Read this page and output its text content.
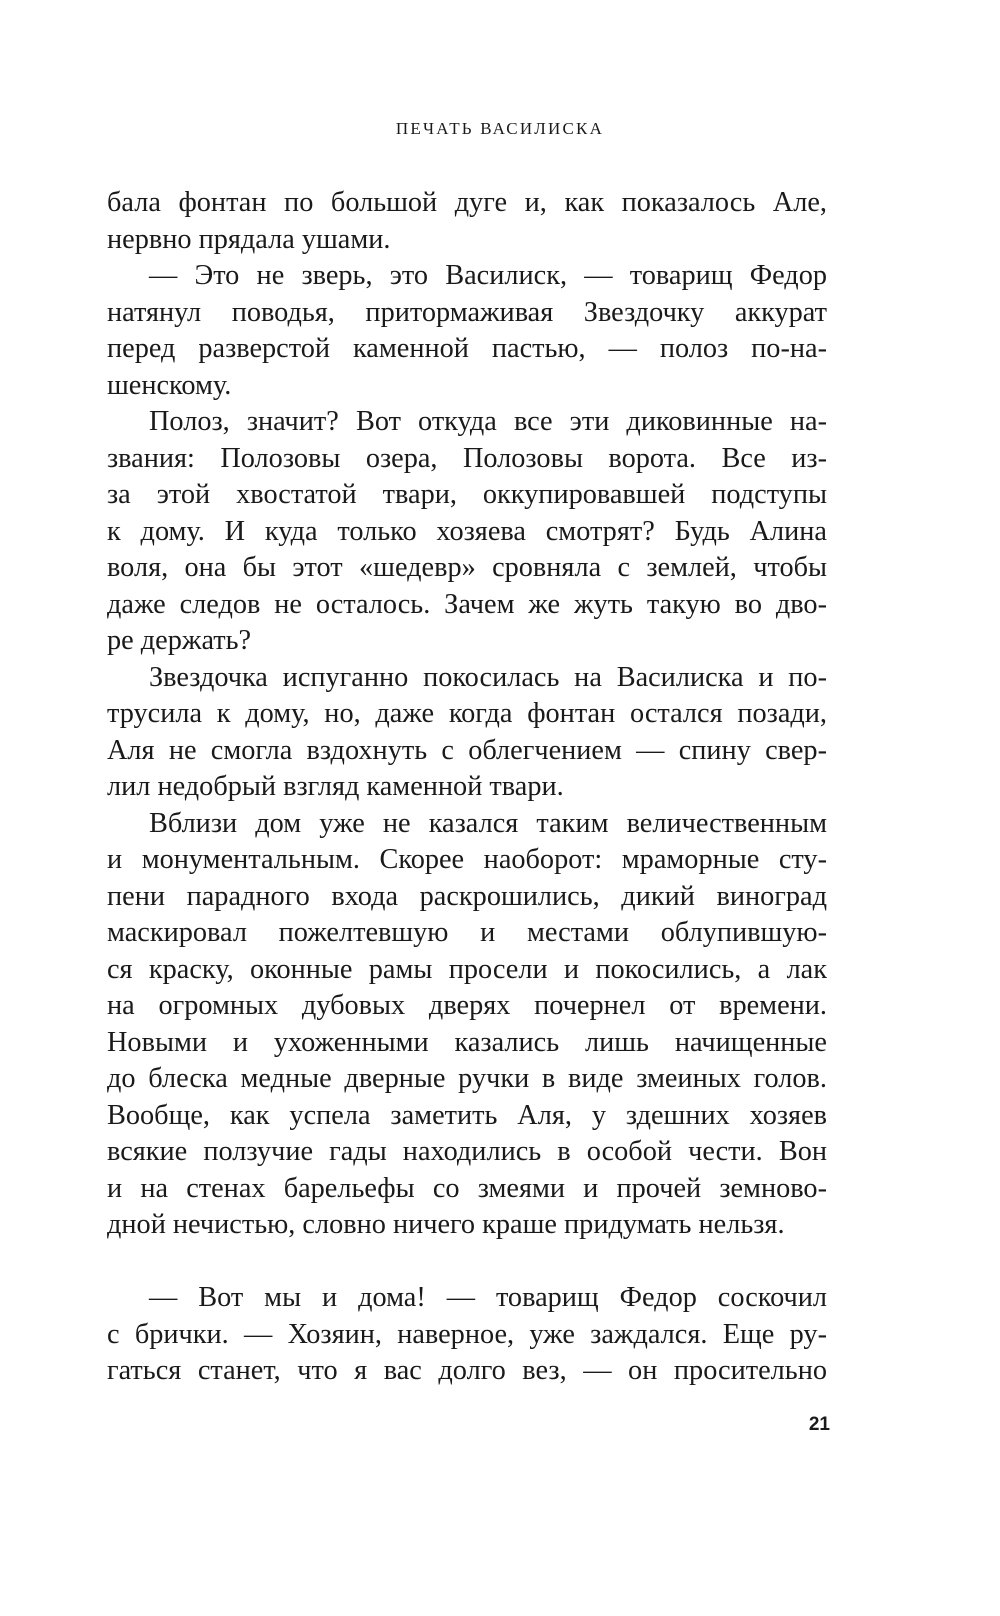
ПЕЧАТЬ ВАСИЛИСКА
бала фонтан по большой дуге и, как показалось Але,
нервно прядала ушами.
— Это не зверь, это Василиск, — товарищ Федор
натянул поводья, притормаживая Звездочку аккурат
перед разверстой каменной пастью, — полоз по-на-
шенскому.
Полоз, значит? Вот откуда все эти диковинные на-
звания: Полозовы озера, Полозовы ворота. Все из-
за этой хвостатой твари, оккупировавшей подступы
к дому. И куда только хозяева смотрят? Будь Алина
воля, она бы этот «шедевр» сровняла с землей, чтобы
даже следов не осталось. Зачем же жуть такую во дво-
ре держать?
Звездочка испуганно покосилась на Василиска и по-
трусила к дому, но, даже когда фонтан остался позади,
Аля не смогла вздохнуть с облегчением — спину свер-
лил недобрый взгляд каменной твари.
Вблизи дом уже не казался таким величественным
и монументальным. Скорее наоборот: мраморные сту-
пени парадного входа раскрошились, дикий виноград
маскировал пожелтевшую и местами облупившую-
ся краску, оконные рамы просели и покосились, а лак
на огромных дубовых дверях почернел от времени.
Новыми и ухоженными казались лишь начищенные
до блеска медные дверные ручки в виде змеиных голов.
Вообще, как успела заметить Аля, у здешних хозяев
всякие ползучие гады находились в особой чести. Вон
и на стенах барельефы со змеями и прочей земново-
дной нечистью, словно ничего краше придумать нельзя.
— Вот мы и дома! — товарищ Федор соскочил
с брички. — Хозяин, наверное, уже заждался. Еще ру-
гаться станет, что я вас долго вез, — он просительно
21
